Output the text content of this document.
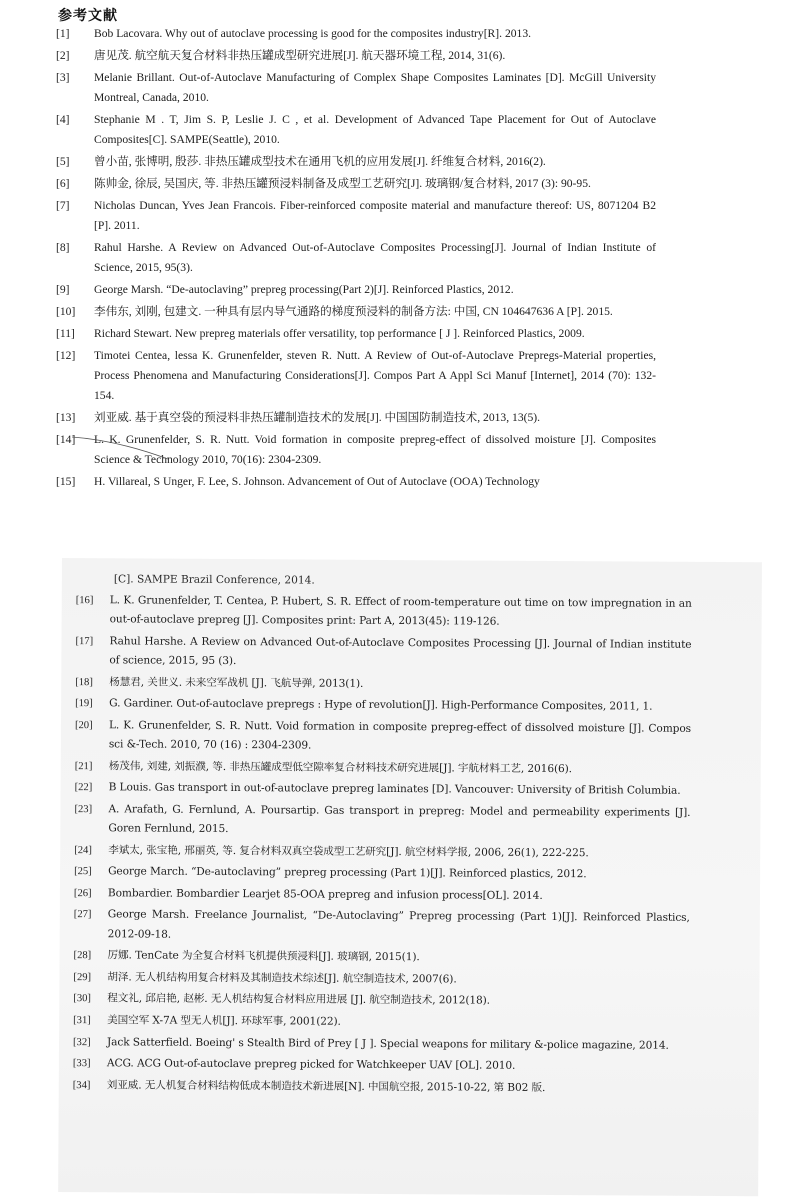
参考文献
[1]	Bob Lacovara. Why out of autoclave processing is good for the composites industry[R]. 2013.
[2]	唐见茂. 航空航天复合材料非热压罐成型研究进展[J]. 航天器环境工程, 2014, 31(6).
[3]	Melanie Brillant. Out-of-Autoclave Manufacturing of Complex Shape Composites Laminates [D]. McGill University Montreal, Canada, 2010.
[4]	Stephanie M . T, Jim S. P, Leslie J. C , et al. Development of Advanced Tape Placement for Out of Autoclave Composites[C]. SAMPE(Seattle), 2010.
[5]	曾小苗, 张博明, 殷莎. 非热压罐成型技术在通用飞机的应用发展[J]. 纤维复合材料, 2016(2).
[6]	陈帅金, 徐辰, 吴国庆, 等. 非热压罐预浸料制备及成型工艺研究[J]. 玻璃钢/复合材料, 2017 (3): 90-95.
[7]	Nicholas Duncan, Yves Jean Francois. Fiber-reinforced composite material and manufacture thereof: US, 8071204 B2 [P]. 2011.
[8]	Rahul Harshe. A Review on Advanced Out-of-Autoclave Composites Processing[J]. Journal of Indian Institute of Science, 2015, 95(3).
[9]	George Marsh. “De-autoclaving” prepreg processing(Part 2)[J]. Reinforced Plastics, 2012.
[10]	李伟东, 刘刚, 包建文. 一种具有层内导气通路的梯度预浸料的制备方法: 中国, CN 104647636 A [P]. 2015.
[11]	Richard Stewart. New prepreg materials offer versatility, top performance [ J ]. Reinforced Plastics, 2009.
[12]	Timotei Centea, lessa K. Grunenfelder, steven R. Nutt. A Review of Out-of-Autoclave Prepregs-Material properties, Process Phenomena and Manufacturing Considerations[J]. Compos Part A Appl Sci Manuf [Internet], 2014 (70): 132-154.
[13]	刘亚威. 基于真空袋的预浸料非热压罐制造技术的发展[J]. 中国国防制造技术, 2013, 13(5).
[14]	L. K. Grunenfelder, S. R. Nutt. Void formation in composite prepreg-effect of dissolved moisture [J]. Composites Science & Technology 2010, 70(16): 2304-2309.
[15]	H. Villareal, S Unger, F. Lee, S. Johnson. Advancement of Out of Autoclave (OOA) Technology
[C]. SAMPE Brazil Conference, 2014.
[16]	L. K. Grunenfelder, T. Centea, P. Hubert, S. R. Effect of room-temperature out time on tow impregnation in an out-of-autoclave prepreg [J]. Composites print: Part A, 2013(45): 119-126.
[17]	Rahul Harshe. A Review on Advanced Out-of-Autoclave Composites Processing [J]. Journal of Indian institute of science, 2015, 95 (3).
[18]	杨慧君, 关世义. 未来空军战机 [J]. 飞航导弹, 2013(1).
[19]	G. Gardiner. Out-of-autoclave prepregs : Hype of revolution[J]. High-Performance Composites, 2011, 1.
[20]	L. K. Grunenfelder, S. R. Nutt. Void formation in composite prepreg-effect of dissolved moisture [J]. Compos sci &-Tech. 2010, 70 (16) : 2304-2309.
[21]	杨茂伟, 刘建, 刘振濮, 等. 非热压罐成型低空隙率复合材料技术研究进展[J]. 宇航材料工艺, 2016(6).
[22]	B Louis. Gas transport in out-of-autoclave prepreg laminates [D]. Vancouver: University of British Columbia.
[23]	A. Arafath, G. Fernlund, A. Poursartip. Gas transport in prepreg: Model and permeability experiments [J]. Goren Fernlund, 2015.
[24]	李斌太, 张宝艳, 邢丽英, 等. 复合材料双真空袋成型工艺研究[J]. 航空材料学报, 2006, 26(1), 222-225.
[25]	George March. “De-autoclaving” prepreg processing (Part 1)[J]. Reinforced plastics, 2012.
[26]	Bombardier. Bombardier Learjet 85-OOA prepreg and infusion process[OL]. 2014.
[27]	George Marsh. Freelance Journalist, “De-Autoclaving” Prepreg processing (Part 1)[J]. Reinforced Plastics, 2012-09-18.
[28]	厉娜. TenCate 为全复合材料飞机提供预浸料[J]. 玻璃钢, 2015(1).
[29]	胡泽. 无人机结构用复合材料及其制造技术综述[J]. 航空制造技术, 2007(6).
[30]	程文礼, 邱启艳, 赵彬. 无人机结构复合材料应用进展 [J]. 航空制造技术, 2012(18).
[31]	美国空军 X-7A 型无人机[J]. 环球军事, 2001(22).
[32]	Jack Satterfield. Boeing' s Stealth Bird of Prey [ J ]. Special weapons for military &-police magazine, 2014.
[33]	ACG. ACG Out-of-autoclave prepreg picked for Watchkeeper UAV [OL]. 2010.
[34]	刘亚威. 无人机复合材料结构低成本制造技术新进展[N]. 中国航空报, 2015-10-22, 第 B02 版.
